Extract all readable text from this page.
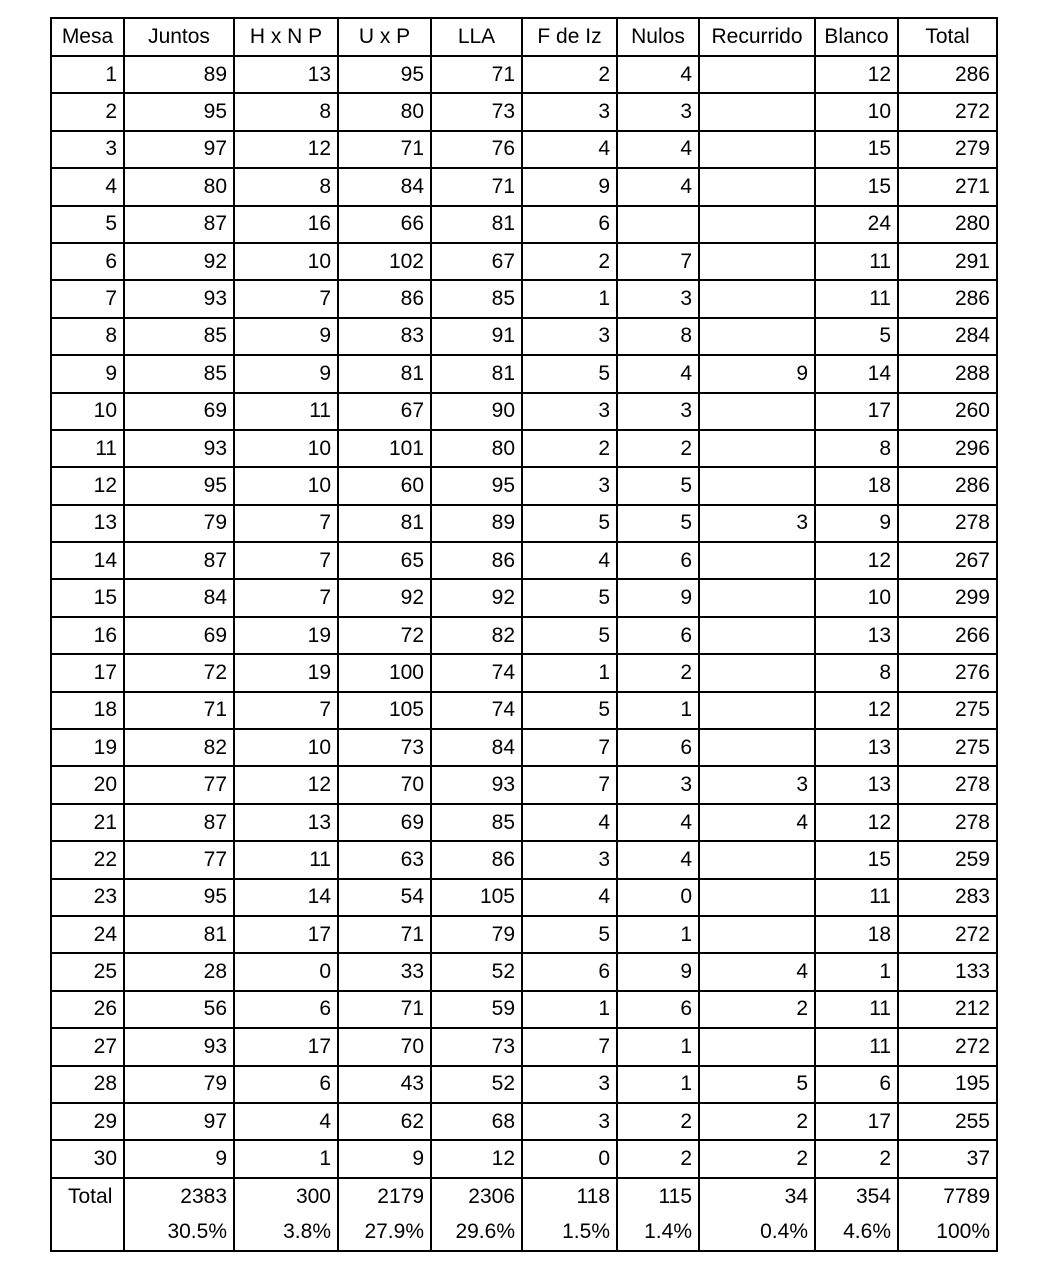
Mesa	Juntos	H x N P	U x P	LLA	F de Iz	Nulos	Recurrido	Blanco	Total
1	89	13	95	71	2	4		12	286
2	95	8	80	73	3	3		10	272
3	97	12	71	76	4	4		15	279
4	80	8	84	71	9	4		15	271
5	87	16	66	81	6			24	280
6	92	10	102	67	2	7		11	291
7	93	7	86	85	1	3		11	286
8	85	9	83	91	3	8		5	284
9	85	9	81	81	5	4	9	14	288
10	69	11	67	90	3	3		17	260
11	93	10	101	80	2	2		8	296
12	95	10	60	95	3	5		18	286
13	79	7	81	89	5	5	3	9	278
14	87	7	65	86	4	6		12	267
15	84	7	92	92	5	9		10	299
16	69	19	72	82	5	6		13	266
17	72	19	100	74	1	2		8	276
18	71	7	105	74	5	1		12	275
19	82	10	73	84	7	6		13	275
20	77	12	70	93	7	3	3	13	278
21	87	13	69	85	4	4	4	12	278
22	77	11	63	86	3	4		15	259
23	95	14	54	105	4	0		11	283
24	81	17	71	79	5	1		18	272
25	28	0	33	52	6	9	4	1	133
26	56	6	71	59	1	6	2	11	212
27	93	17	70	73	7	1		11	272
28	79	6	43	52	3	1	5	6	195
29	97	4	62	68	3	2	2	17	255
30	9	1	9	12	0	2	2	2	37
Total	2383	300	2179	2306	118	115	34	354	7789
	30.5%	3.8%	27.9%	29.6%	1.5%	1.4%	0.4%	4.6%	100%
